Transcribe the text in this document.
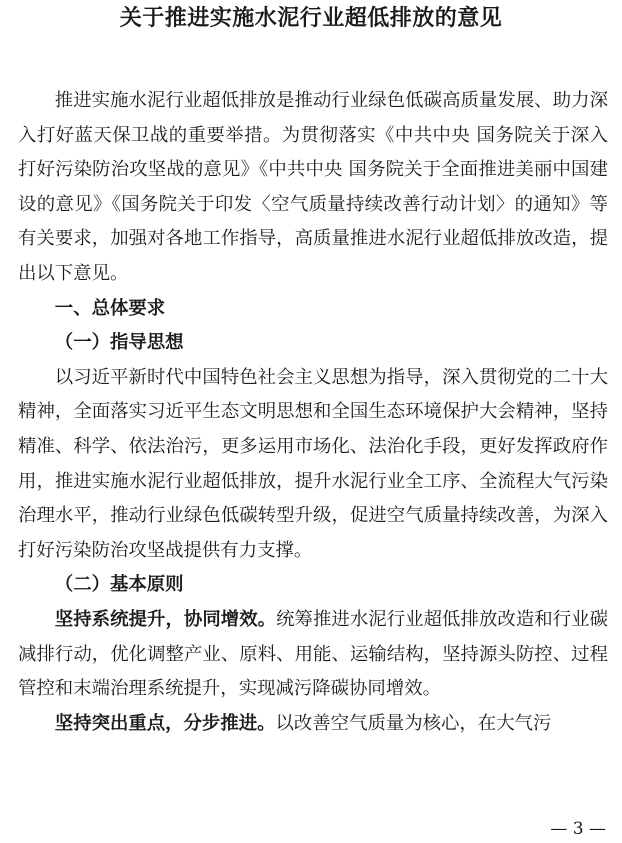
关于推进实施水泥行业超低排放的意见

推进实施水泥行业超低排放是推动行业绿色低碳高质量发展、助力深入打好蓝天保卫战的重要举措。为贯彻落实《中共中央 国务院关于深入打好污染防治攻坚战的意见》《中共中央 国务院关于全面推进美丽中国建设的意见》《国务院关于印发〈空气质量持续改善行动计划〉的通知》等有关要求，加强对各地工作指导，高质量推进水泥行业超低排放改造，提出以下意见。

一、总体要求

（一）指导思想

以习近平新时代中国特色社会主义思想为指导，深入贯彻党的二十大精神，全面落实习近平生态文明思想和全国生态环境保护大会精神，坚持精准、科学、依法治污，更多运用市场化、法治化手段，更好发挥政府作用，推进实施水泥行业超低排放，提升水泥行业全工序、全流程大气污染治理水平，推动行业绿色低碳转型升级，促进空气质量持续改善，为深入打好污染防治攻坚战提供有力支撑。

（二）基本原则

坚持系统提升，协同增效。统筹推进水泥行业超低排放改造和行业碳减排行动，优化调整产业、原料、用能、运输结构，坚持源头防控、过程管控和末端治理系统提升，实现减污降碳协同增效。

坚持突出重点，分步推进。以改善空气质量为核心，在大气污

— 3 —
